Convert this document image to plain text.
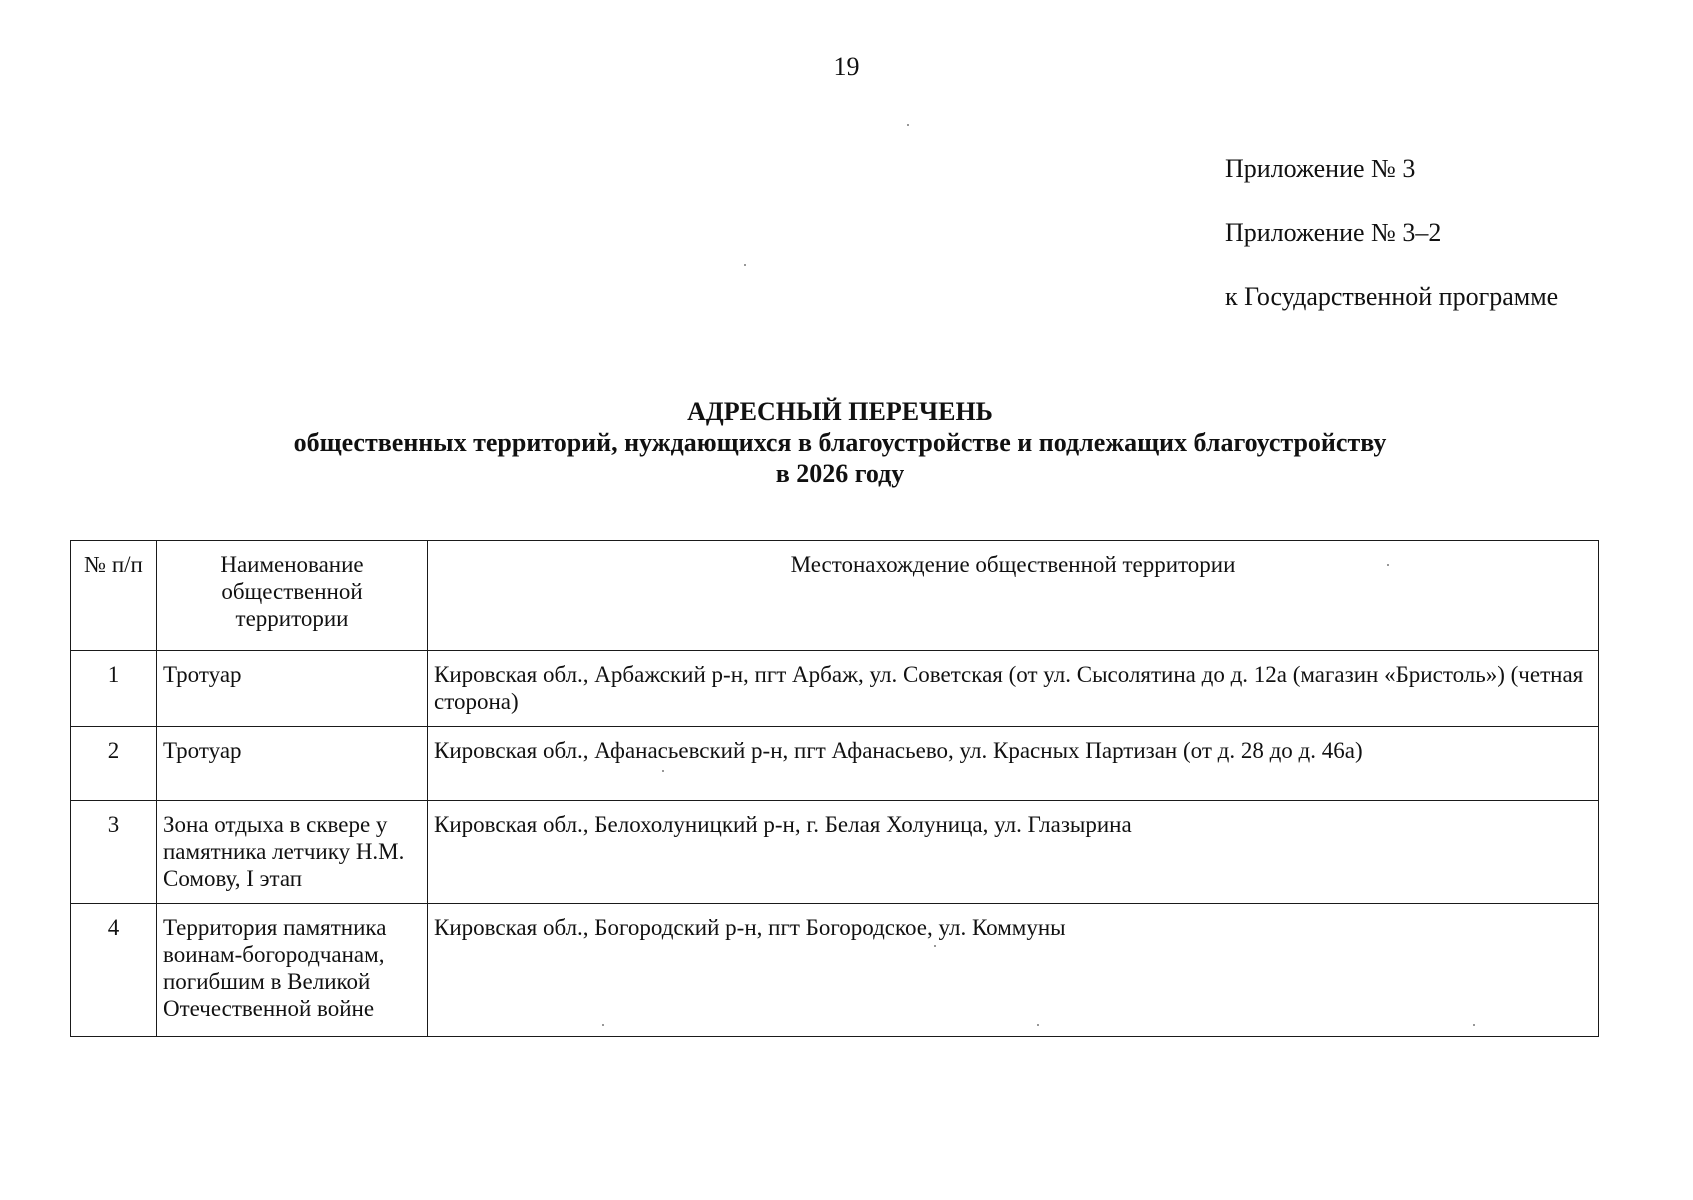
19
Приложение № 3
Приложение № 3–2
к Государственной программе
АДРЕСНЫЙ ПЕРЕЧЕНЬ
общественных территорий, нуждающихся в благоустройстве и подлежащих благоустройству
в 2026 году
№ п/п	Наименование общественной территории	Местонахождение общественной территории
1	Тротуар	Кировская обл., Арбажский р-н, пгт Арбаж, ул. Советская (от ул. Сысолятина до д. 12а (магазин «Бристоль») (четная сторона)
2	Тротуар	Кировская обл., Афанасьевский р-н, пгт Афанасьево, ул. Красных Партизан (от д. 28 до д. 46а)
3	Зона отдыха в сквере у памятника летчику Н.М. Сомову, I этап	Кировская обл., Белохолуницкий р-н, г. Белая Холуница, ул. Глазырина
4	Территория памятника воинам-богородчанам, погибшим в Великой Отечественной войне	Кировская обл., Богородский р-н, пгт Богородское, ул. Коммуны
